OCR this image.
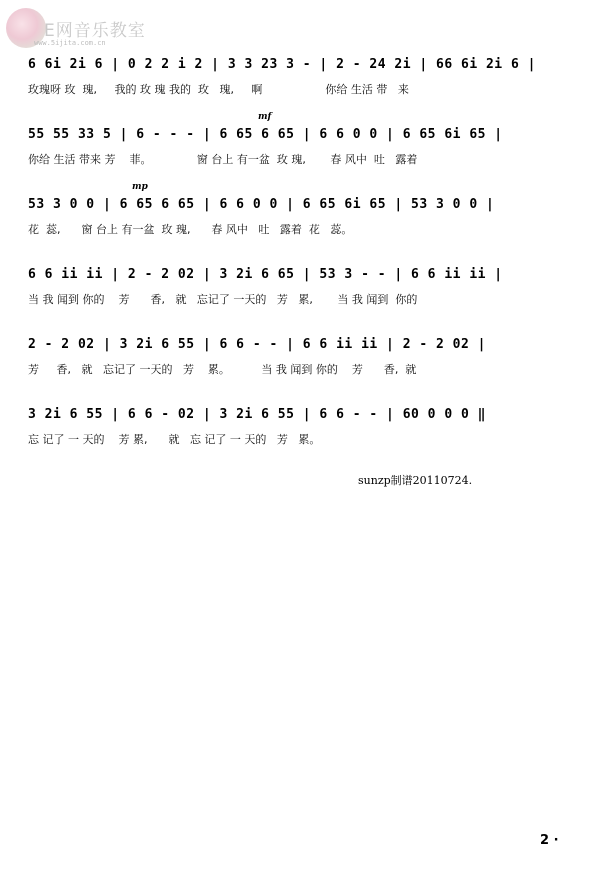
E网音乐教室
www.5ijita.com.cn
6 6i 2i 6 | 0 2 2 i 2 | 3 3 23 3 - | 2 - 24 2i | 66 6i 2i 6 |
玫瑰呀 玫  瑰,     我的 玫 瑰 我的  玫   瑰,     啊                  你给 生活 带   来
55 55 33 5 | 6 - - - | 6 65 6 65 | 6 6 0 0 | 6 65 6i 65 |
你给 生活 带来 芳    菲。             窗 台上 有一盆  玫 瑰,       春 风中  吐   露着
53 3 0 0 | 6 65 6 65 | 6 6 0 0 | 6 65 6i 65 | 53 3 0 0 |
花  蕊,      窗 台上 有一盆  玫 瑰,      春 风中   吐   露着  花   蕊。
6 6 ii ii | 2 - 2 02 | 3 2i 6 65 | 53 3 - - | 6 6 ii ii |
当 我 闻到 你的    芳      香,   就   忘记了 一天的   芳   累,       当 我 闻到  你的
2 - 2 02 | 3 2i 6 55 | 6 6 - - | 6 6 ii ii | 2 - 2 02 |
芳     香,   就   忘记了 一天的   芳    累。         当 我 闻到 你的    芳      香,  就
3 2i 6 55 | 6 6 - 02 | 3 2i 6 55 | 6 6 - - | 60 0 0 0 ‖
忘 记了 一 天的    芳 累,      就   忘 记了 一 天的   芳   累。
mf
mp
sunzp制谱20110724.
2 ·
